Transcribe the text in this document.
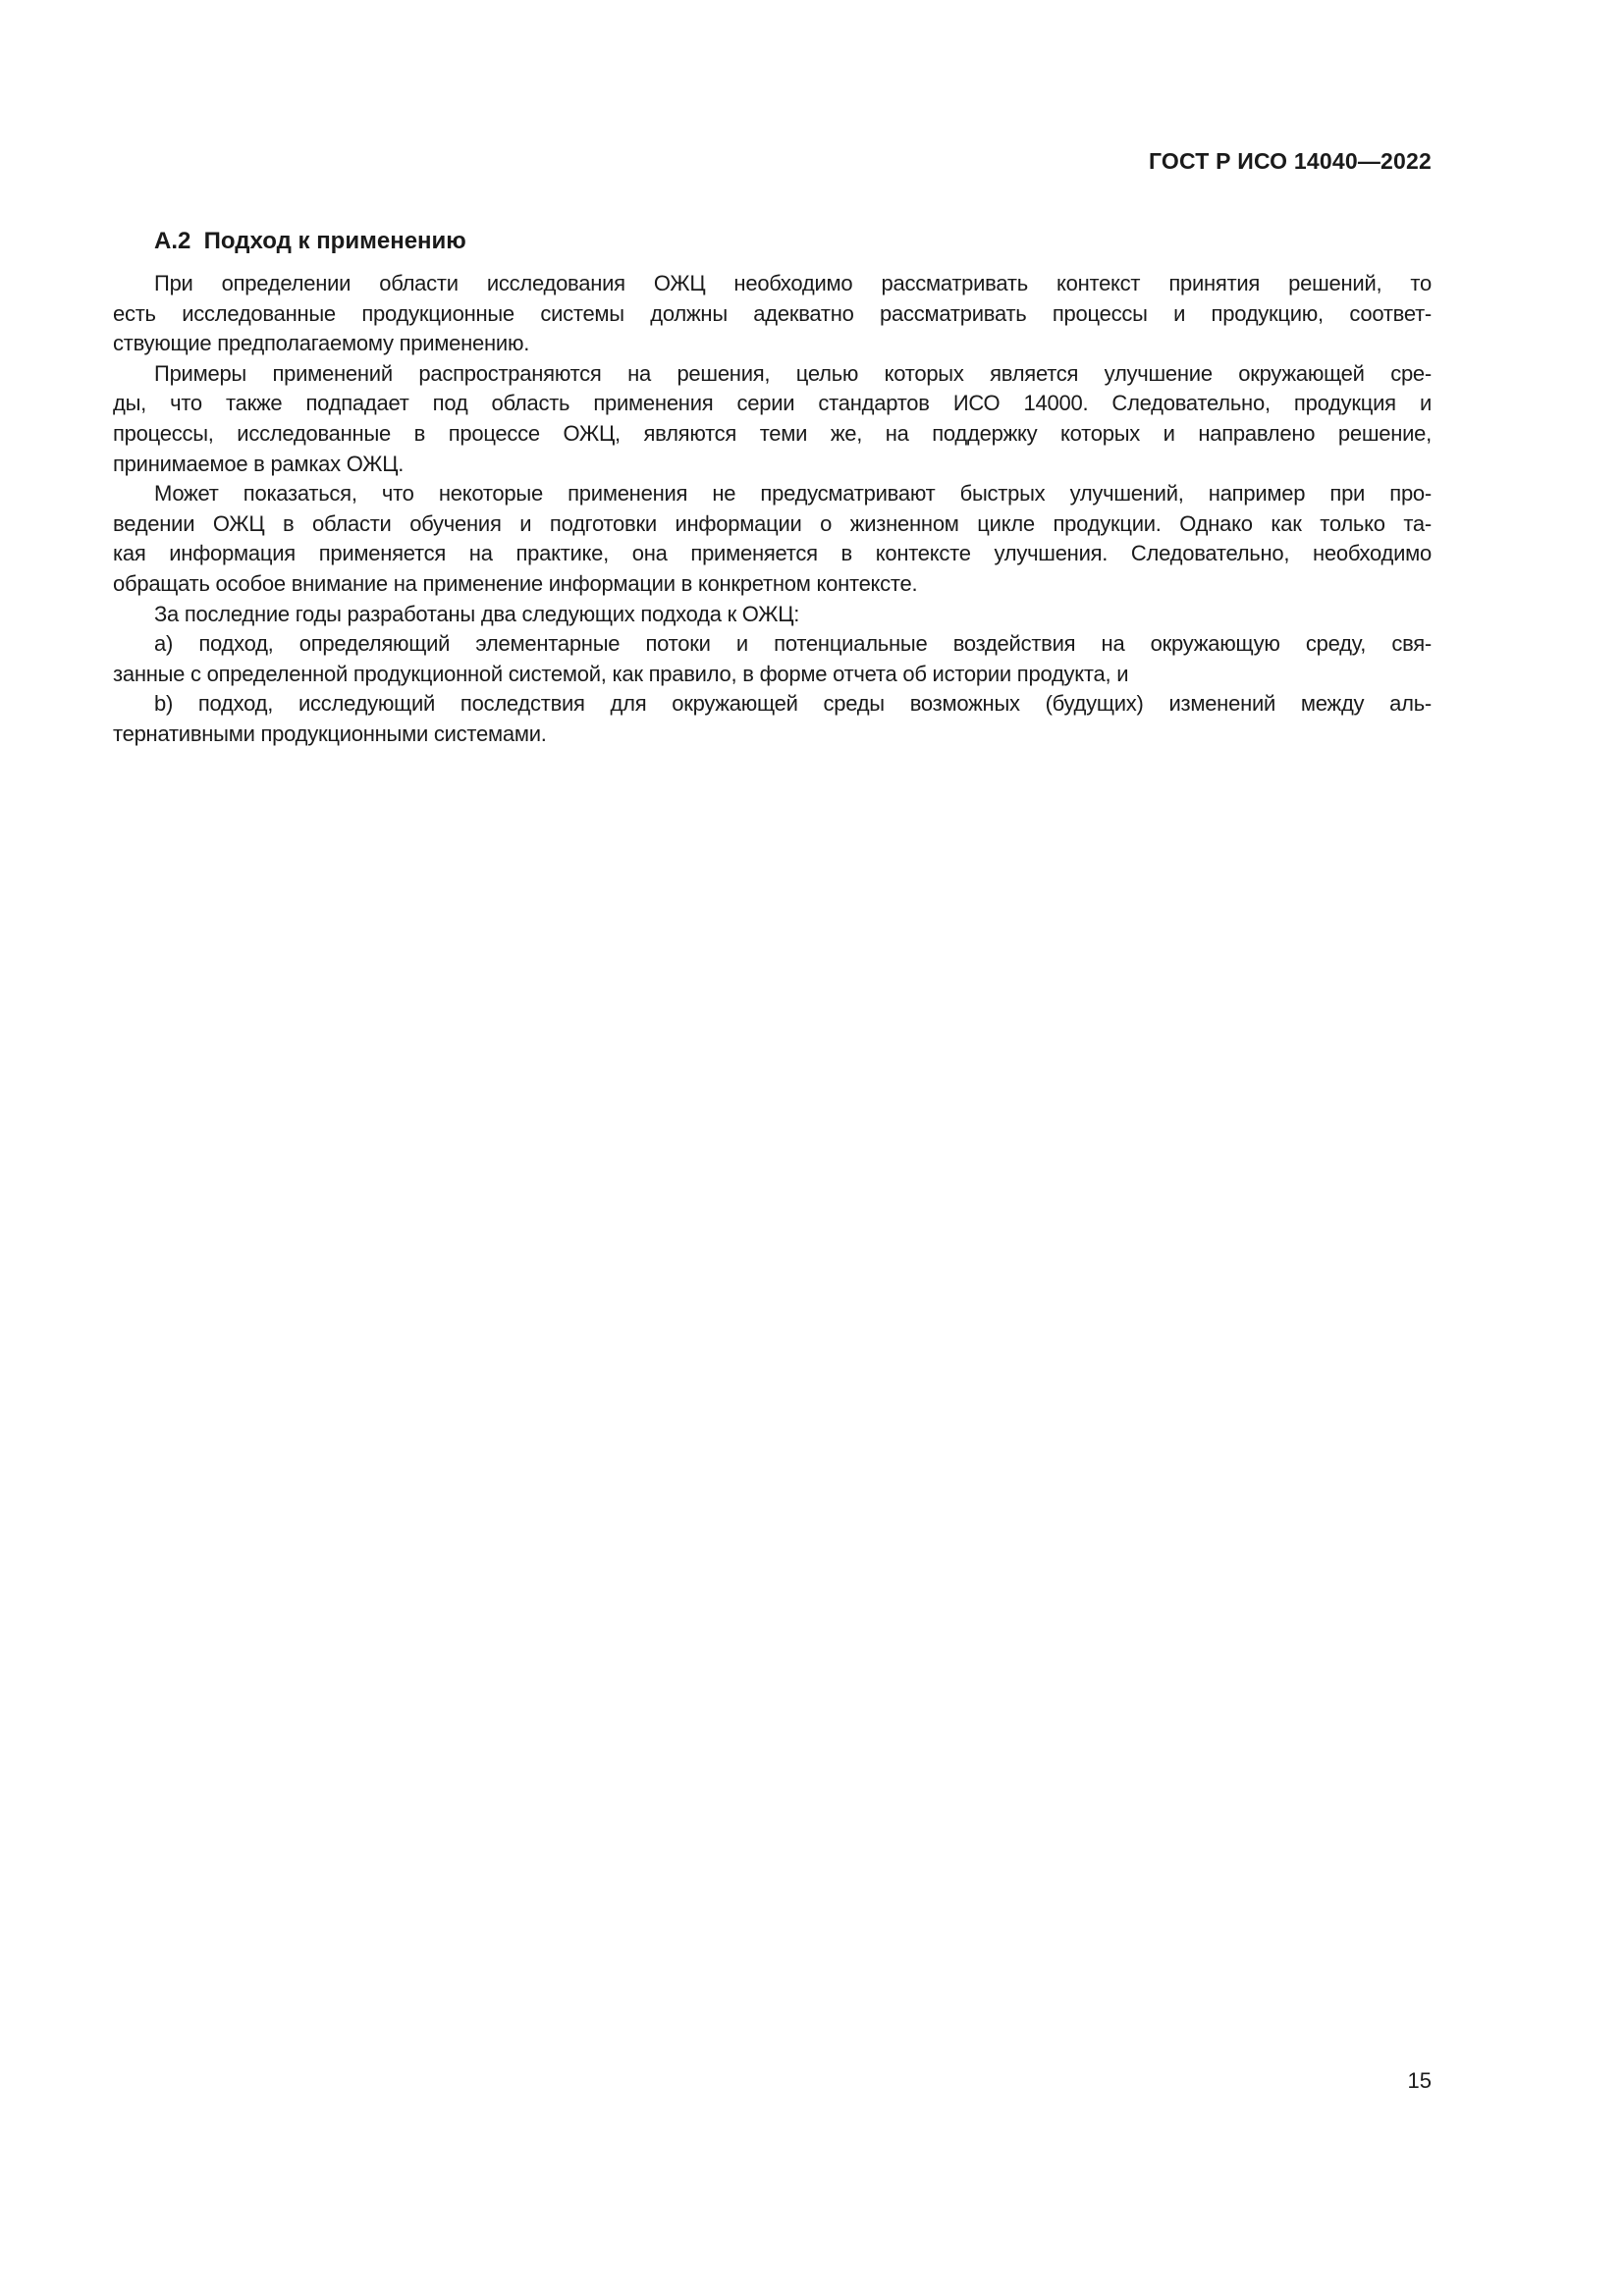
ГОСТ Р ИСО 14040—2022
А.2  Подход к применению

При определении области исследования ОЖЦ необходимо рассматривать контекст принятия решений, то
есть исследованные продукционные системы должны адекватно рассматривать процессы и продукцию, соответ-
ствующие предполагаемому применению.

Примеры применений распространяются на решения, целью которых является улучшение окружающей сре-
ды, что также подпадает под область применения серии стандартов ИСО 14000. Следовательно, продукция и
процессы, исследованные в процессе ОЖЦ, являются теми же, на поддержку которых и направлено решение,
принимаемое в рамках ОЖЦ.

Может показаться, что некоторые применения не предусматривают быстрых улучшений, например при про-
ведении ОЖЦ в области обучения и подготовки информации о жизненном цикле продукции. Однако как только та-
кая информация применяется на практике, она применяется в контексте улучшения. Следовательно, необходимо
обращать особое внимание на применение информации в конкретном контексте.

За последние годы разработаны два следующих подхода к ОЖЦ:

a) подход, определяющий элементарные потоки и потенциальные воздействия на окружающую среду, свя-
занные с определенной продукционной системой, как правило, в форме отчета об истории продукта, и

b) подход, исследующий последствия для окружающей среды возможных (будущих) изменений между аль-
тернативными продукционными системами.

15
